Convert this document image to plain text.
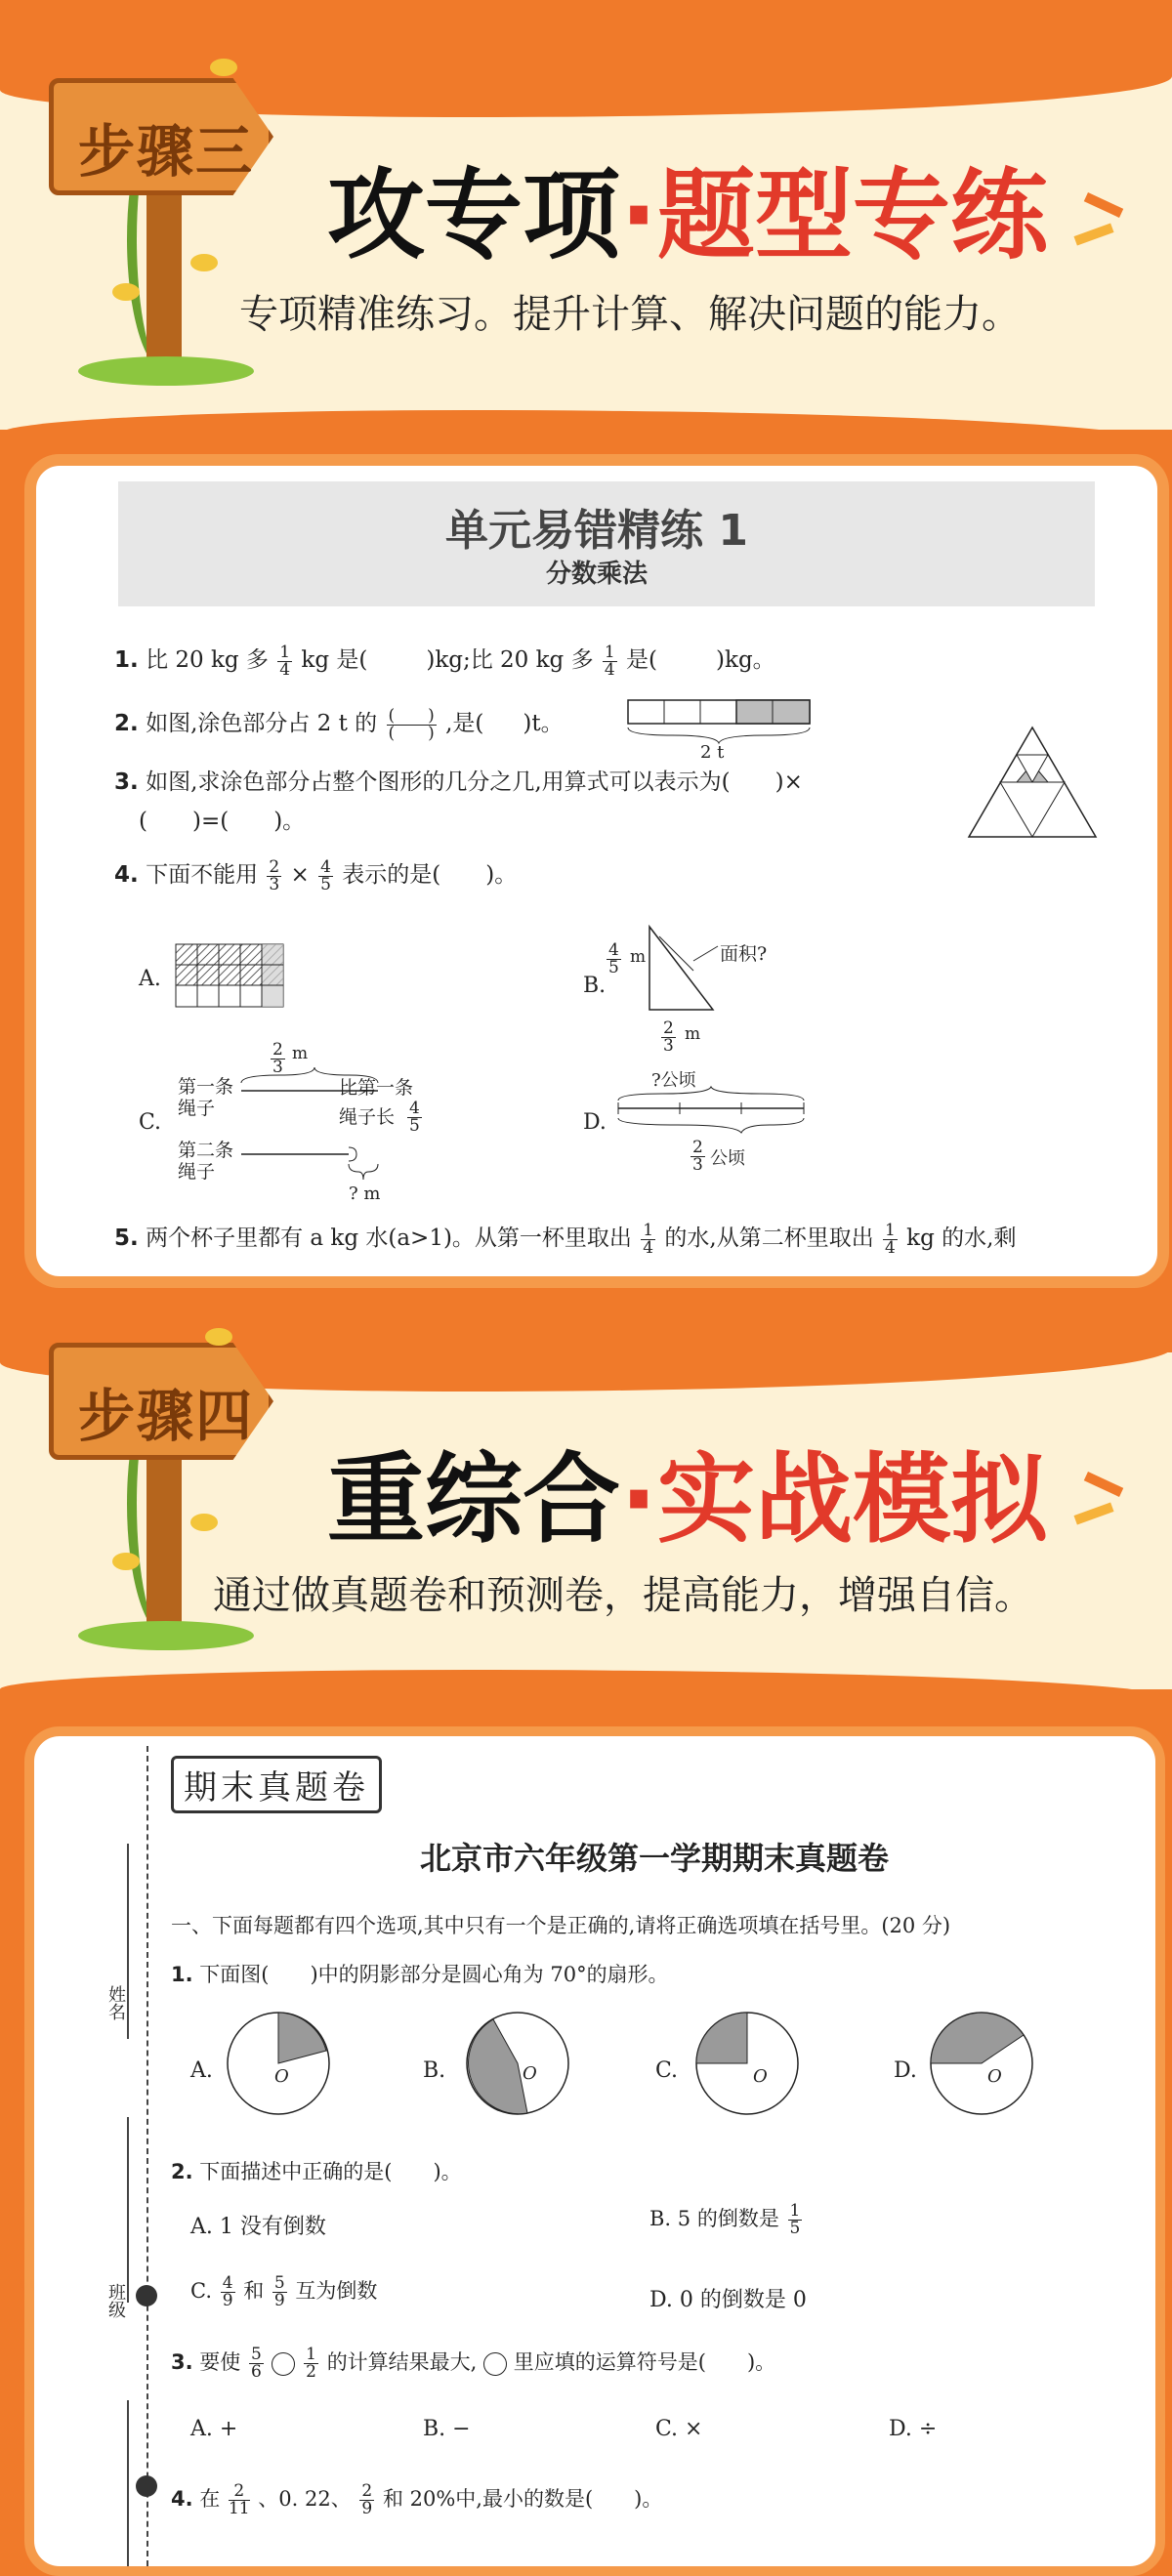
步骤三
攻专项·题型专练
专项精准练习。提升计算、解决问题的能力。
单元易错精练 1
分数乘法
1. 比 20 kg 多 $\frac{1}{4}$ kg 是(	)kg;比 20 kg 多 $\frac{1}{4}$ 是(	)kg。
2. 如图,涂色部分占 2 t 的 $\frac{( )}{( )}$ ,是( )t。
2 t
3. 如图,求涂色部分占整个图形的几分之几,用算式可以表示为(　　)×
(　　)=(　　)。
4. 下面不能用 $\frac{2}{3} \times \frac{4}{5}$ 表示的是(　　)。
A.	B.
$\frac{4}{5}$ m	面积?
$\frac{2}{3}$ m
C.
第一条
绳子
第二条
绳子
$\frac{2}{3}$ m
比第一条
绳子长 $\frac{4}{5}$
? m
D.
?公顷
$\frac{2}{3}$ 公顷
5. 两个杯子里都有 a kg 水(a>1)。从第一杯里取出 $\frac{1}{4}$ 的水,从第二杯里取出 $\frac{1}{4}$ kg 的水,剩
步骤四
重综合·实战模拟
通过做真题卷和预测卷，提高能力，增强自信。
姓名
班级
期末真题卷
北京市六年级第一学期期末真题卷
一、下面每题都有四个选项,其中只有一个是正确的,请将正确选项填在括号里。(20 分)
1. 下面图(　　)中的阴影部分是圆心角为 70°的扇形。
A.	O	B.	O	C.	O	D.	O
2. 下面描述中正确的是(　　)。
A. 1 没有倒数	B. 5 的倒数是 $\frac{1}{5}$
C. $\frac{4}{9}$ 和 $\frac{5}{9}$ 互为倒数	D. 0 的倒数是 0
3. 要使 $\frac{5}{6}$
$\frac{1}{2}$ 的计算结果最大, 里应填的运算符号是(　　)。
A. +	B. −	C. ×	D. ÷
4. 在 $\frac{2}{11}$ 、0. 22、 $\frac{2}{9}$ 和 20%中,最小的数是(　　)。
